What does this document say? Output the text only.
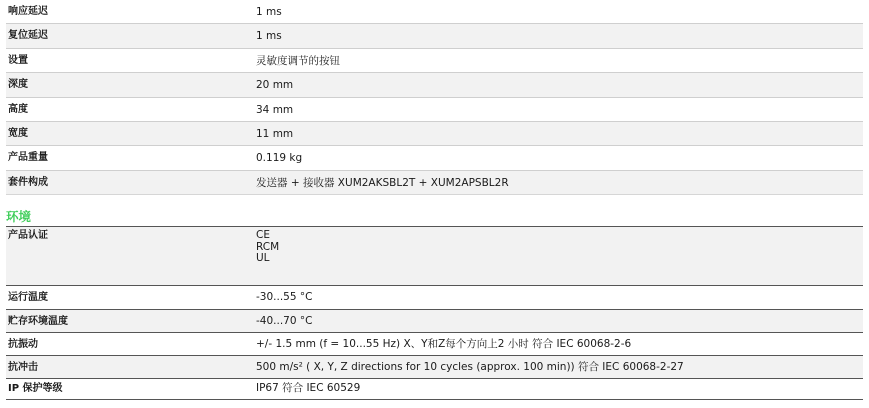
响应延迟	1 ms
复位延迟	1 ms
设置	灵敏度调节的按钮
深度	20 mm
高度	34 mm
宽度	11 mm
产品重量	0.119 kg
套件构成	发送器 + 接收器 XUM2AKSBL2T + XUM2APSBL2R
环境
产品认证	CE
RCM
UL
运行温度	-30...55 °C
贮存环境温度	-40...70 °C
抗振动	+/- 1.5 mm (f = 10...55 Hz) X、Y和Z每个方向上2 小时 符合 IEC 60068-2-6
抗冲击	500 m/s² ( X, Y, Z directions for 10 cycles (approx. 100 min)) 符合 IEC 60068-2-27
IP 保护等级	IP67 符合 IEC 60529
